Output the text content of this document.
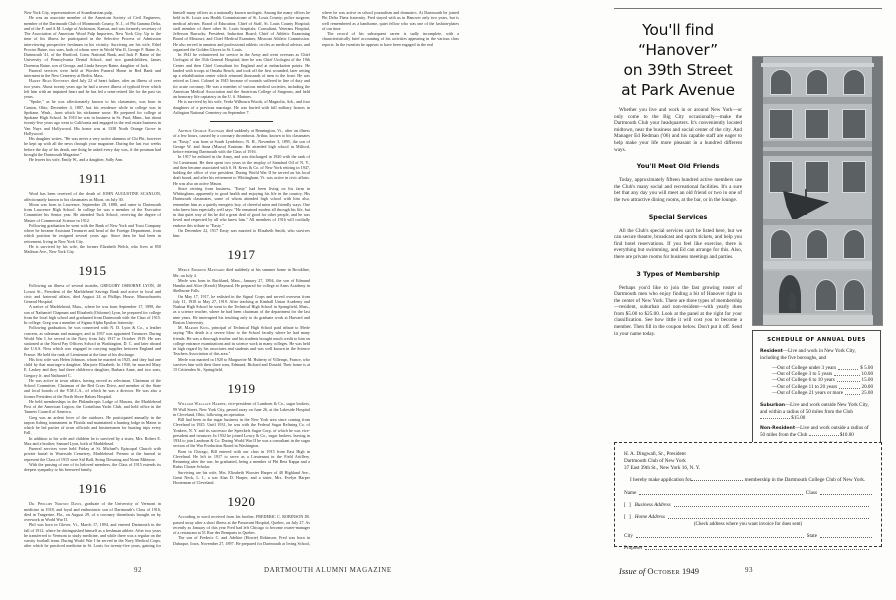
New York City, representatives of Scandinavian pulp.

He was an associate member of the American Society of Civil Engineers, member of the Dartmouth Club of Monmouth County, N. J., of Phi Gamma Delta, and of the F. and A.M. Lodge of Atchinson, Kansas, and was formerly secretary of The Association of American Wood Pulp Importers, New York City. Up to the time of his illness he participated in the Selective Process of Admission interviewing prospective freshmen in his vicinity. Surviving are his wife, Ethel Proctor Baine, two sons, both of whom were in World War II, George F. Baine Jr., Dartmouth '41, of the Hartford, Conn. National Bank, and Jack P. Baine of the University of Pennsylvania Dental School, and two grandchildren, James Doremus Baine, son of George, and Linda Sawyer Baine, daughter of Jack.

Funeral services were held at Worden Funeral Home in Red Bank and interment in the New Cemetery at Berlin, Mass.

Harry Bean Kennedy died July 22 of heart failure, after an illness of over two years. About twenty years ago he had a severe illness of typhoid fever which left him with an impaired heart and he has led a semi-retired life for the past six years.

"Spoke," as he was affectionately known to his classmates, was born in Canton, Ohio, December 4, 1887, but his residence while in college was in Spokane, Wash., from which his nickname arose. He prepared for college at Spokane High School. In 1910 he was in business in St. Paul, Minn., but about twenty-five years ago went to California and engaged in the real estate business in Van Nuys and Hollywood. His home was at 1338 North Orange Grove in Hollywood.

His daughter writes, "He was never a very active alumnus of Chi Phi; however he kept up with all the news through your magazine. During the last two weeks before the day of his death, one thing he asked every day was, if the postman had brought the Dartmouth Magazine."

He leaves his wife, Emily W., and a daughter, Sally Ann.

1911

Word has been received of the death of JOHN AUGUSTINE SCANLON, affectionately known to his classmates as Moon, on July 30.

Moon was born in Lawrence, September 28, 1888, and came to Dartmouth from Lawrence High School. In college he was a member of the Executive Committee his Senior year. He attended Tuck School, receiving the degree of Master of Commercial Science in 1912.

Following graduation he went with the Bank of New York and Trust Company where he became Assistant Treasurer and head of the Foreign Department, from which position he resigned several years ago. Since then he had been in retirement, living in New York City.

He is survived by his wife, the former Elizabeth Welch, who lives at 850 Madison Ave., New York City.

1915

Following an illness of several months, GREGORY OSBORNE LYON, 40 Locust St., President of the Marblehead Savings Bank and active in local and civic and fraternal affairs, died August 24 at Phillips House, Massachusetts General Hospital.

A native of Marblehead, Mass., where he was born September 17, 1898, the son of Nathaniel Chapman and Elizabeth (Osborne) Lyon, he prepared for college from the local high school and graduated from Dartmouth with the Class of 1915. In college, Greg was a member of Sigma Alpha Epsilon fraternity.

Following graduation, he was connected with N. D. Lyon & Co., a leather concern, as salesman and manager, and in 1937 was appointed Treasurer. During World War I, he served in the Navy from July 1917 to October 1919. He was stationed at the Naval Pay Officers School in Washington, D. C. and later aboard the U.S.S. Ness which was engaged in carrying supplies between England and France. He held the rank of Lieutenant at the time of his discharge.

His first wife was Helen Johnson, whom he married in 1925, and they had one child by that marriage-a daughter, Marjorie Elizabeth. In 1930, he married Mary E. Laskey and they had three children-a daughter, Barbara Anne, and two sons, Gregory Jr. and Nathaniel C.

He was active in town affairs, having served as selectman, Chairman of the School Committee, Chairman of the Red Cross Drive, and member of the State and local boards of the Y.M.C.A., of which he was a director. He was also a former President of the North Shore Babies Hospital.

He held memberships in the Philanthropic Lodge of Masons, the Marblehead Post of the American Legion, the Corinthian Yacht Club, and held office in the Tanners Council of America.

Greg was an ardent lover of the outdoors. He participated annually in the tarpon fishing tournament in Florida and maintained a hunting lodge in Maine to which he led parties of town officials and businessmen for hunting trips every Fall.

In addition to his wife and children he is survived by a sister, Mrs. Robert E. Max and a brother, Samuel Lyon, both of Marblehead.

Funeral services were held Friday at St. Michael's Episcopal Church with private burial in Waterside Cemetery, Marblehead. Present at the funeral to represent the Class of 1915 were Sid Bull, String Downing and Norm Milmore.

With the passing of one of its beloved members, the Class of 1915 extends its deepest sympathy to his bereaved family.

1916

Dr. Phillips Norton Davis, graduate of the University of Vermont in medicine in 1918, and loyal and enthusiastic son of Dartmouth's Class of 1916, died in Tangerine, Fla., on August 29, of a coronary thrombosis brought on by overwork in World War II.

Phil was born in Glover, Vt., March 17, 1894, and entered Dartmouth in the fall of 1912, where he distinguished himself as a freshman athlete. After two years he transferred to Vermont to study medicine, and while there was a regular on the varsity football team. During World War I he served in the Navy Medical Corps, after which he practiced medicine in St. Louis for twenty-five years, gaining for himself many offices as a nationally known urologist. Among the many offices he held in St. Louis was Health Commissioner of St. Louis County; police surgeon; medical adviser, Board of Education; Chief of Staff, St. Louis County Hospital; staff member of three other St. Louis hospitals; Consultant, Veterans Hospital, Jefferson Barracks; President, Induction Board; Chief of Athletic Examining Board of Missouri; and Chief Medical Examiner, Missouri Athletic Commission. He also served in amateur and professional athletic circles as medical adviser, and organized the Golden Gloves in St. Louis.

In 1941 he volunteered for service in the Army and went overseas as Chief Urologist of the 35th General Hospital; later he was Chief Urologist of the 19th Center and then Chief Consultant for England and at embarkation points. He landed with troops at Omaha Beach, and took off the first wounded, later setting up a rehabilitation center which returned thousands of men to the front. He was retired as Lieut. Colonel in 1945 because of wounds suffered in line of duty and for acute coronary. He was a member of various medical societies, including the American Medical Association and the American College of Surgeons, and held an honorary life captaincy in the U. S. Marines.

He is survived by his wife, Verda Wilbourn Woods, of Magnolia, Ark., and four daughters of a previous marriage. He was buried with full military honors in Arlington National Cemetery on September 7.

Arthur George Eastman died suddenly at Bennington, Vt., after an illness of a few hours, caused by a coronary thrombosis. Arthur, known to his classmates as "Easty," was born at South Lyndeboro, N. H., November 3, 1895, the son of George W. and Anna (Musso) Eastman. He attended high school in Milford, before entering Dartmouth with the Class of 1916.

In 1917 he enlisted in the Army, and was discharged in 1920 with the rank of 1st Lieutenant. He then spent two years in the employ of Standard Oil of N. Y., and then became associated with S. H. Kress & Co. of New York retiring in 1947, holding the office of vice president. During World War II he served on his local draft board, and after his retirement to Whitingham, Vt. was active in civic affairs. He was also an active Mason.

Since retiring from business, "Easty" had been living on his farm in Whitingham, apparently in good health and enjoying his life in the country. His Dartmouth classmates, some of whom attended high school with him also, remember him as a quietly energetic boy, of cheerful mien and friendly ways. One who knew him especially well says: "He remained modest all through his life, but in that quiet way of his he did a great deal of good for other people, and he was loved and respected by all who knew him." All members of 1916 will cordially endorse this tribute to "Easty."

On December 22, 1917 Easty was married to Elizabeth Smith, who survives him.

1917

Merle Edmond Maynard died suddenly at his summer home in Brookline, Me. on July 4.

Merle was born in Buckland, Mass., January 27, 1894, the son of Edmund Hamlin and Alice (Keach) Maynard. He prepared for college at Arms Academy in Shelburne Falls.

On May 17, 1917, he enlisted in the Signal Corps and served overseas from July 11, 1918 to May 27, 1919. After teaching at Kimball Union Academy and Nashua High School he went to the Technical High School in Springfield, Mass., as a science teacher, where he had been chairman of the department for the last nine years. He interrupted his teaching only to do graduate work at Harvard and Boston University.

M. Marion King, principal of Technical High School paid tribute to Merle saying "His death is a severe blow to the School faculty where he had many friends. He was a thorough teacher and his students brought much credit to him on college entrance examinations and in science work in many colleges. He was held in high regard by his associates and students and was well known in the Science Teachers Association of this area."

Merle was married in 1920 to Marguerite M. Huberty of Villerupt, France, who survives him with their three sons, Edmund, Richard and Donald. Their home is at 15 Crittenden St., Springfield.

1919

William Wallace Harper, vice-president of Lamborn & Co., sugar brokers, 99 Wall Street, New York City, passed away on June 26, at the Lakeside Hospital in Cleveland, Ohio, following an operation.

Bill had been in the sugar business in the New York area since coming from Cleveland in 1925. Until 1931, he was with the Federal Sugar Refining Co. of Yonkers, N. Y. and its successor the Spreckels Sugar Corp. of which he was vice-president and treasurer. In 1932 he joined Lowry & Co., sugar brokers, leaving in 1934 to join Lamborn & Co. During World War II he was a consultant in the sugar section of the War Production Board in Washington.

Born in Chicago, Bill entered with our class in 1915 from East High in Cleveland. He left in 1917 to serve as a Lieutenant in the Field Artillery. Returning after the war, he graduated, being a member of Phi Beta Kappa and a Rufus Choate Scholar.

Surviving are his wife, Mrs. Elizabeth Wooster Harper of 40 Highland Ave., Great Neck, L. I., a son Alan D. Harper, and a sister, Mrs. Evelyn Harper Hosterman of Cleveland.

1920

According to word received from his brother, FREDERIC C. ROBINSON JR. passed away after a short illness at the Passavant Hospital, Quebec, on July 27. As recently as January of this year Fred had left Chicago to become owner-manager of a restaurant at 51 Rue des Remparts in Quebec.

The son of Frederic C. and Adeline (Howie) Robinson, Fred was born in Dubuque, Iowa, November 27, 1897. He prepared for Dartmouth at Irving School, where he was active in school journalism and dramatics. At Dartmouth he joined Phi Delta Theta fraternity. Fred stayed with us in Hanover only two years, but is well remembered as a handsome, quiet fellow who was one of the fashion-plates of our time.

The record of his subsequent career is sadly incomplete, with a characteristically brief accounting of his activities appearing in the various class reports. In the twenties he appears to have been engaged in the real

92	DARTMOUTH ALUMNI MAGAZINE	Issue of October 1949	93
You'll find
“Hanover”
on 39th Street
at Park Avenue

Whether you live and work in or around New York—or only come to the Big City occasionally—make the Dartmouth Club your headquarters. It's conveniently located midtown, near the business and social center of the city. And Manager Ed Redman ('06) and his capable staff are eager to help make your life more pleasant in a hundred different ways.

You'll Meet Old Friends

Today, approximately fifteen hundred active members use the Club's many social and recreational facilities. It's a sure bet that any day you will meet an old friend or two in one of the two attractive dining rooms, at the bar, or in the lounge.

Special Services

All the Club's special services can't be listed here, but we can secure theatre, broadcast and sports tickets, and help you find hotel reservations. If you feel like exercise, there is everything but swimming, and Ed can arrange for this. Also, there are private rooms for business meetings and parties.

3 Types of Membership

Perhaps you'd like to join the fast growing roster of Dartmouth men who enjoy finding a bit of Hanover right in the center of New York. There are three types of membership—resident, suburban and non-resident—with yearly dues from $5.00 to $25.00. Look at the panel at the right for your classification. See how little it will cost you to become a member. Then fill in the coupon below. Don't put it off. Send in your name today.

SCHEDULE OF ANNUAL DUES
Resident—Live and work in New York City, including the five boroughs, and
—Out of College under 3 years	$ 5.00
—Out of College 3 to 5 years	10.00
—Out of College 6 to 10 years	15.00
—Out of College 11 to 20 years	20.00
—Out of College 21 years or more	25.00
Suburban—Live and work outside New York City, and within a radius of 50 miles from the Club  $15.00
Non-Resident—Live and work outside a radius of 50 miles from the Club	$10.00
H. A. Dingwall, Sr., President
Dartmouth Club of New York
37 East 39th St., New York 16, N. Y.
I hereby make application for	membership in the Dartmouth College Club of New York.
Name	Class
[ ] Business Address
[ ] Home Address
(Check address where you want invoice for dues sent)
City	State
Proposer
